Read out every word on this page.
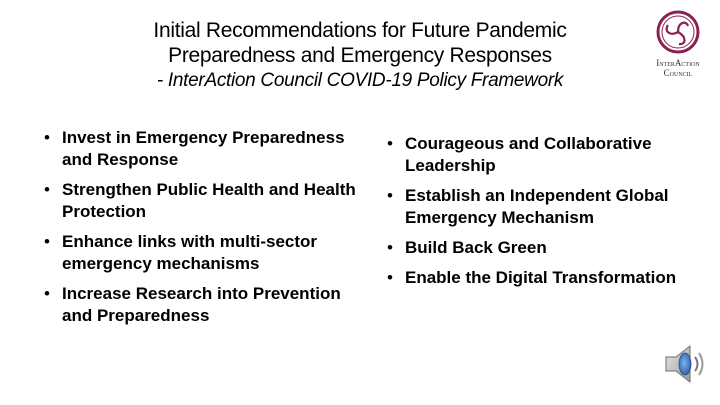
Initial Recommendations for Future Pandemic
Preparedness and Emergency Responses
- InterAction Council COVID-19 Policy Framework
InterAction
Council
• Invest in Emergency Preparedness and Response
• Strengthen Public Health and Health Protection
• Enhance links with multi-sector emergency mechanisms
• Increase Research into Prevention and Preparedness
• Courageous and Collaborative Leadership
• Establish an Independent Global Emergency Mechanism
• Build Back Green
• Enable the Digital Transformation
